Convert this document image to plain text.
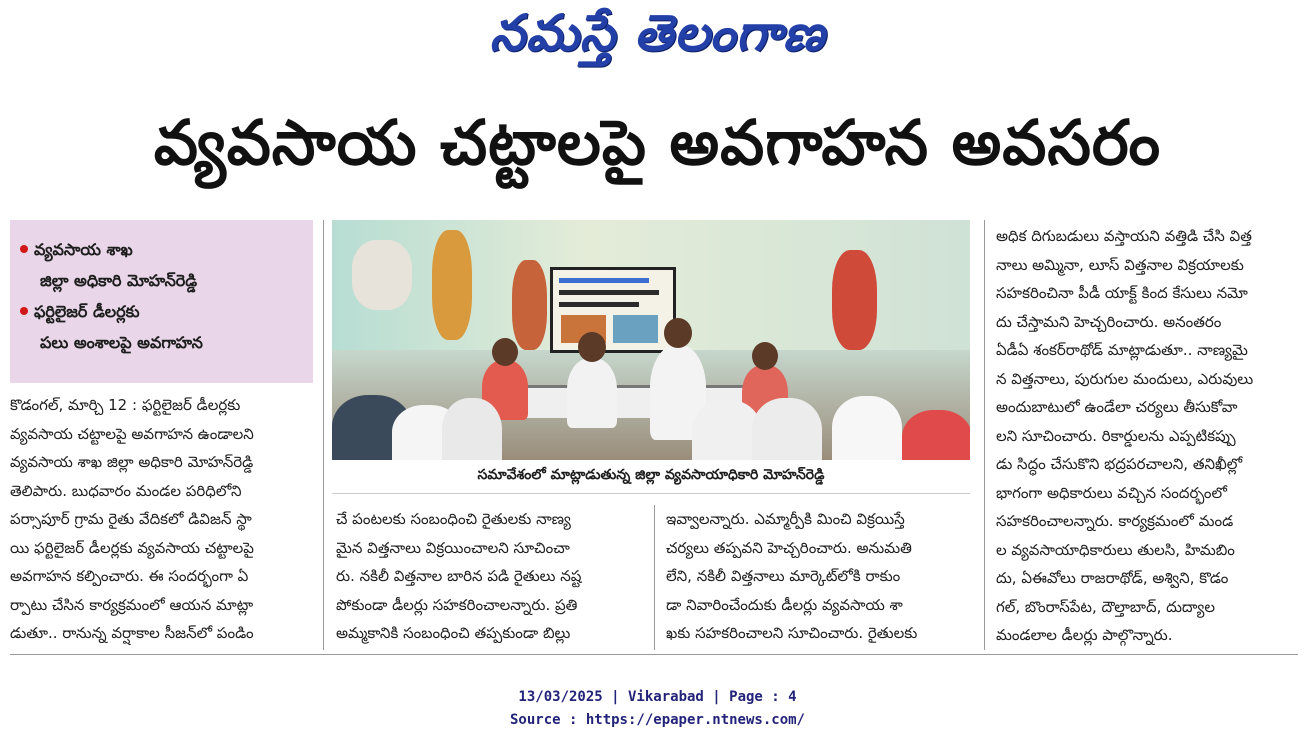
నమస్తే తెలంగాణ
వ్యవసాయ చట్టాలపై అవగాహన అవసరం
వ్యవసాయ శాఖ
జిల్లా అధికారి మోహన్‌రెడ్డి
ఫర్టిలైజర్ డీలర్లకు
పలు అంశాలపై అవగాహన
సమావేశంలో మాట్లాడుతున్న జిల్లా వ్యవసాయాధికారి మోహన్‌రెడ్డి

కొడంగల్, మార్చి 12 : ఫర్టిలైజర్ డీలర్లకు

వ్యవసాయ చట్టాలపై అవగాహన ఉండాలని

వ్యవసాయ శాఖ జిల్లా అధికారి మోహన్‌రెడ్డి

తెలిపారు. బుధవారం మండల పరిధిలోని

పర్సాపూర్ గ్రామ రైతు వేదికలో డివిజన్ స్థా

యి ఫర్టిలైజర్ డీలర్లకు వ్యవసాయ చట్టాలపై

అవగాహన కల్పించారు. ఈ సందర్భంగా ఏ

ర్పాటు చేసిన కార్యక్రమంలో ఆయన మాట్లా

డుతూ.. రానున్న వర్షాకాల సీజన్‌లో పండిం

చే పంటలకు సంబంధించి రైతులకు నాణ్య

మైన విత్తనాలు విక్రయించాలని సూచించా

రు. నకిలీ విత్తనాల బారిన పడి రైతులు నష్ట

పోకుండా డీలర్లు సహకరించాలన్నారు. ప్రతి

అమ్మకానికి సంబంధించి తప్పకుండా బిల్లు

ఇవ్వాలన్నారు. ఎమ్మార్పీకి మించి విక్రయిస్తే

చర్యలు తప్పవని హెచ్చరించారు. అనుమతి

లేని, నకిలీ విత్తనాలు మార్కెట్‌లోకి రాకుం

డా నివారించేందుకు డీలర్లు వ్యవసాయ శా

ఖకు సహకరించాలని సూచించారు. రైతులకు

అధిక దిగుబడులు వస్తాయని వత్తిడి చేసి విత్త

నాలు అమ్మినా, లూస్ విత్తనాల విక్రయాలకు

సహకరించినా పీడీ యాక్ట్ కింద కేసులు నమో

దు చేస్తామని హెచ్చరించారు. అనంతరం

ఏడీఏ శంకర్‌రాథోడ్ మాట్లాడుతూ.. నాణ్యమై

న విత్తనాలు, పురుగుల మందులు, ఎరువులు

అందుబాటులో ఉండేలా చర్యలు తీసుకోవా

లని సూచించారు. రికార్డులను ఎప్పటికప్పు

డు సిద్ధం చేసుకొని భద్రపరచాలని, తనిఖీల్లో

భాగంగా అధికారులు వచ్చిన సందర్భంలో

సహకరించాలన్నారు. కార్యక్రమంలో మండ

ల వ్యవసాయాధికారులు తులసి, హిమబిం

దు, ఏఈవోలు రాజరాథోడ్, అశ్విని, కొడం

గల్, బొంరాస్‌పేట, దౌల్తాబాద్, దుద్యాల

మండలాల డీలర్లు పాల్గొన్నారు.

13/03/2025 | Vikarabad | Page : 4
Source : https://epaper.ntnews.com/
